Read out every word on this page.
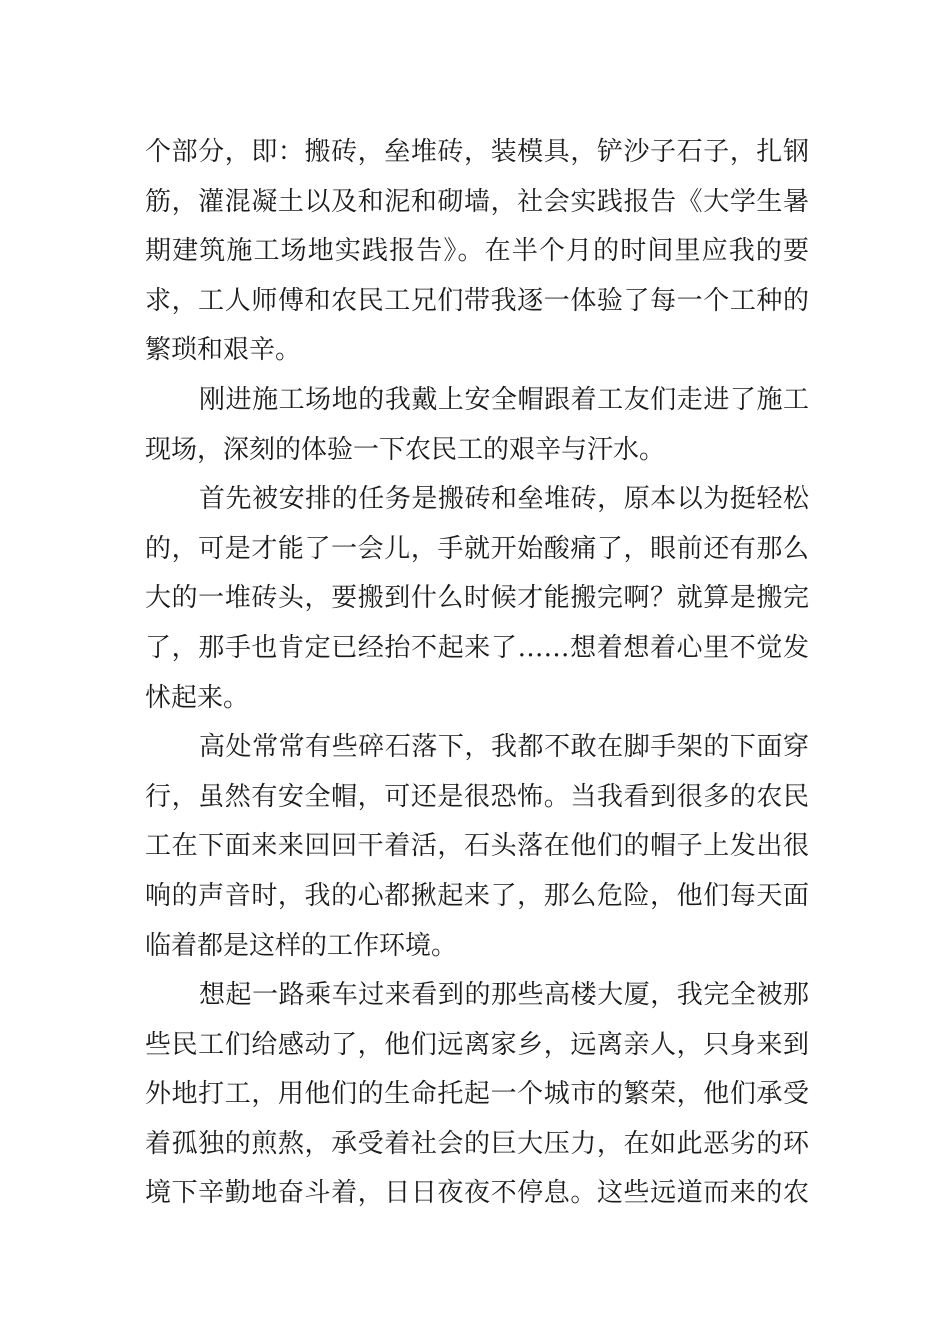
个部分，即：搬砖，垒堆砖，装模具，铲沙子石子，扎钢
筋，灌混凝土以及和泥和砌墙，社会实践报告《大学生暑
期建筑施工场地实践报告》。在半个月的时间里应我的要
求，工人师傅和农民工兄们带我逐一体验了每一个工种的
繁琐和艰辛。
刚进施工场地的我戴上安全帽跟着工友们走进了施工
现场，深刻的体验一下农民工的艰辛与汗水。
首先被安排的任务是搬砖和垒堆砖，原本以为挺轻松
的，可是才能了一会儿，手就开始酸痛了，眼前还有那么
大的一堆砖头，要搬到什么时候才能搬完啊？就算是搬完
了，那手也肯定已经抬不起来了……想着想着心里不觉发
怵起来。
高处常常有些碎石落下，我都不敢在脚手架的下面穿
行，虽然有安全帽，可还是很恐怖。当我看到很多的农民
工在下面来来回回干着活，石头落在他们的帽子上发出很
响的声音时，我的心都揪起来了，那么危险，他们每天面
临着都是这样的工作环境。
想起一路乘车过来看到的那些高楼大厦，我完全被那
些民工们给感动了，他们远离家乡，远离亲人，只身来到
外地打工，用他们的生命托起一个城市的繁荣，他们承受
着孤独的煎熬，承受着社会的巨大压力，在如此恶劣的环
境下辛勤地奋斗着，日日夜夜不停息。这些远道而来的农
